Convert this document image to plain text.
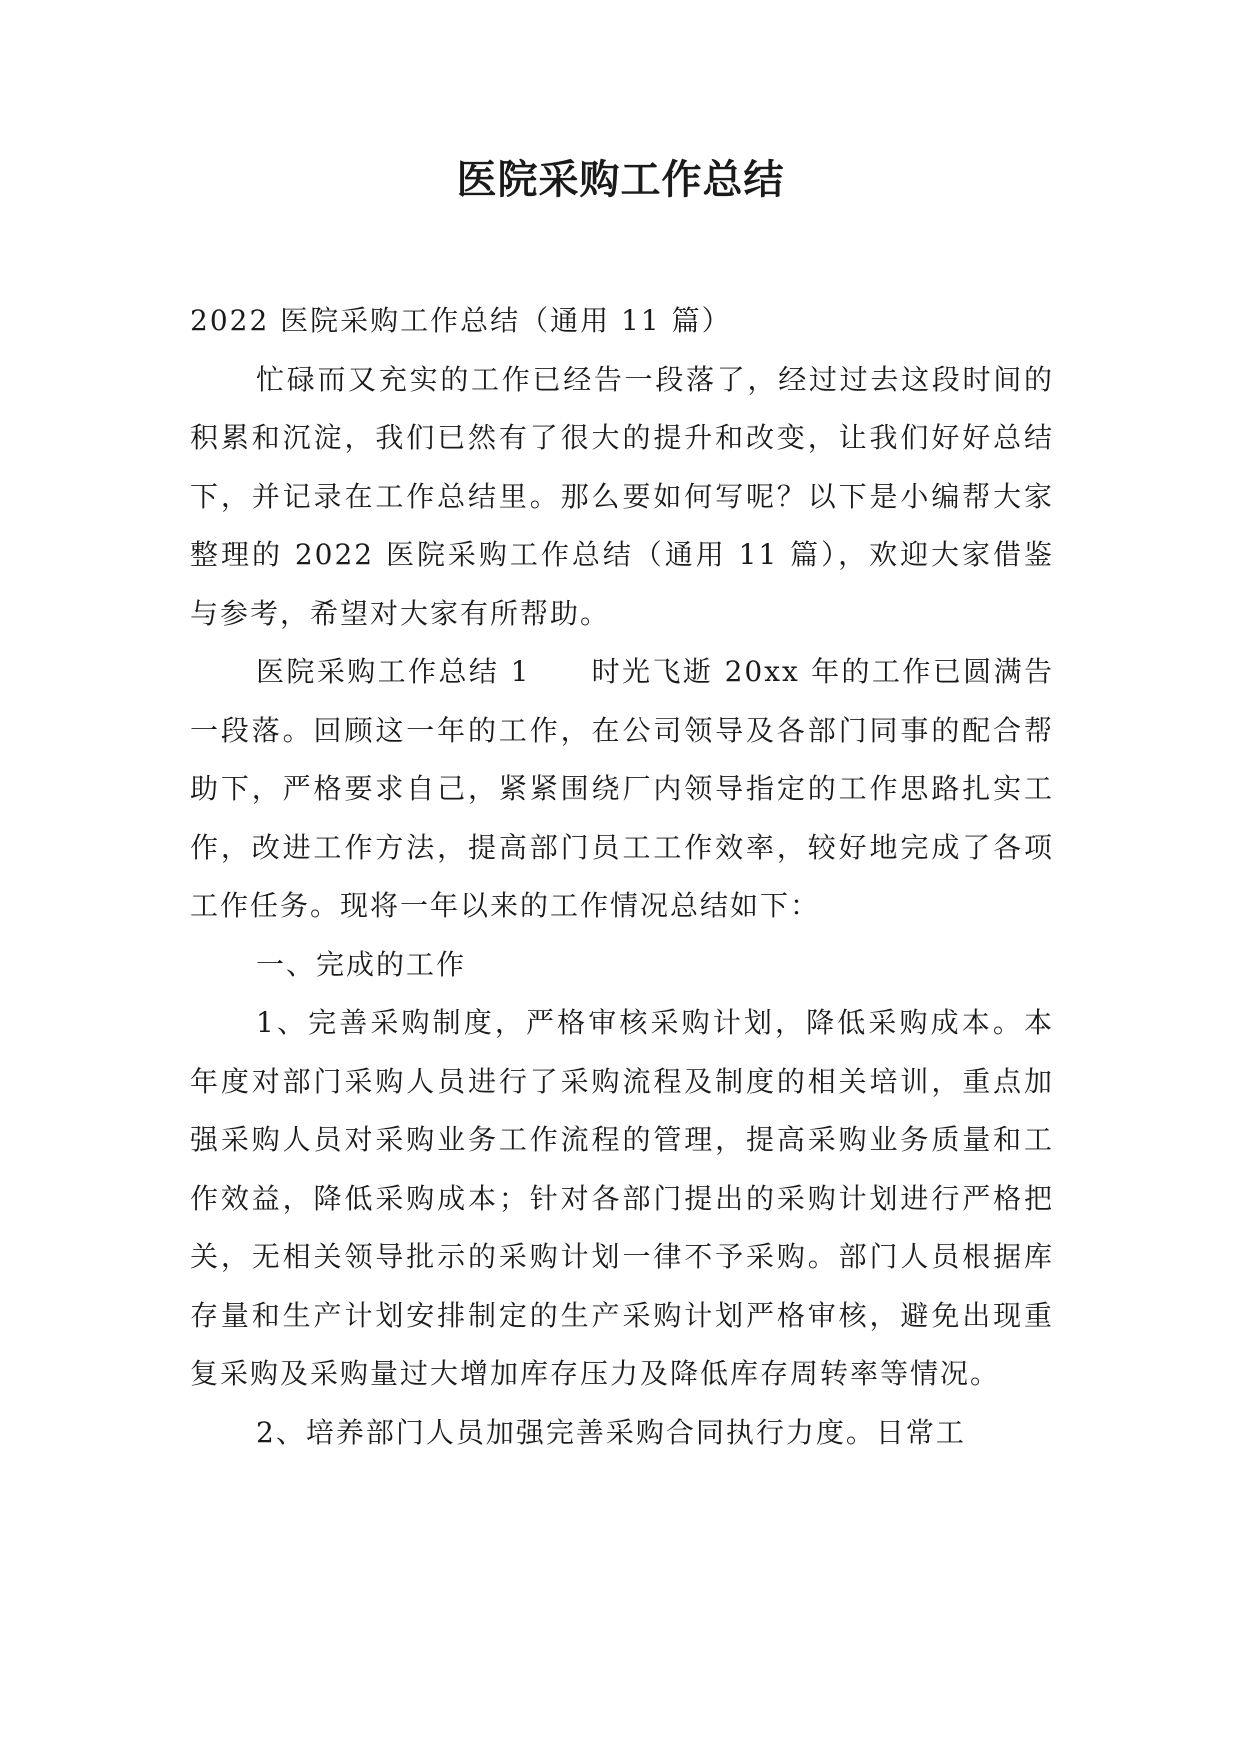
医院采购工作总结

2022 医院采购工作总结（通用 11 篇）

忙碌而又充实的工作已经告一段落了，经过过去这段时间的积累和沉淀，我们已然有了很大的提升和改变，让我们好好总结下，并记录在工作总结里。那么要如何写呢？以下是小编帮大家整理的 2022 医院采购工作总结（通用 11 篇），欢迎大家借鉴与参考，希望对大家有所帮助。

医院采购工作总结 1　　时光飞逝 20xx 年的工作已圆满告一段落。回顾这一年的工作，在公司领导及各部门同事的配合帮助下，严格要求自己，紧紧围绕厂内领导指定的工作思路扎实工作，改进工作方法，提高部门员工工作效率，较好地完成了各项工作任务。现将一年以来的工作情况总结如下：

一、完成的工作

1、完善采购制度，严格审核采购计划，降低采购成本。本年度对部门采购人员进行了采购流程及制度的相关培训，重点加强采购人员对采购业务工作流程的管理，提高采购业务质量和工作效益，降低采购成本；针对各部门提出的采购计划进行严格把关，无相关领导批示的采购计划一律不予采购。部门人员根据库存量和生产计划安排制定的生产采购计划严格审核，避免出现重复采购及采购量过大增加库存压力及降低库存周转率等情况。

2、培养部门人员加强完善采购合同执行力度。日常工
